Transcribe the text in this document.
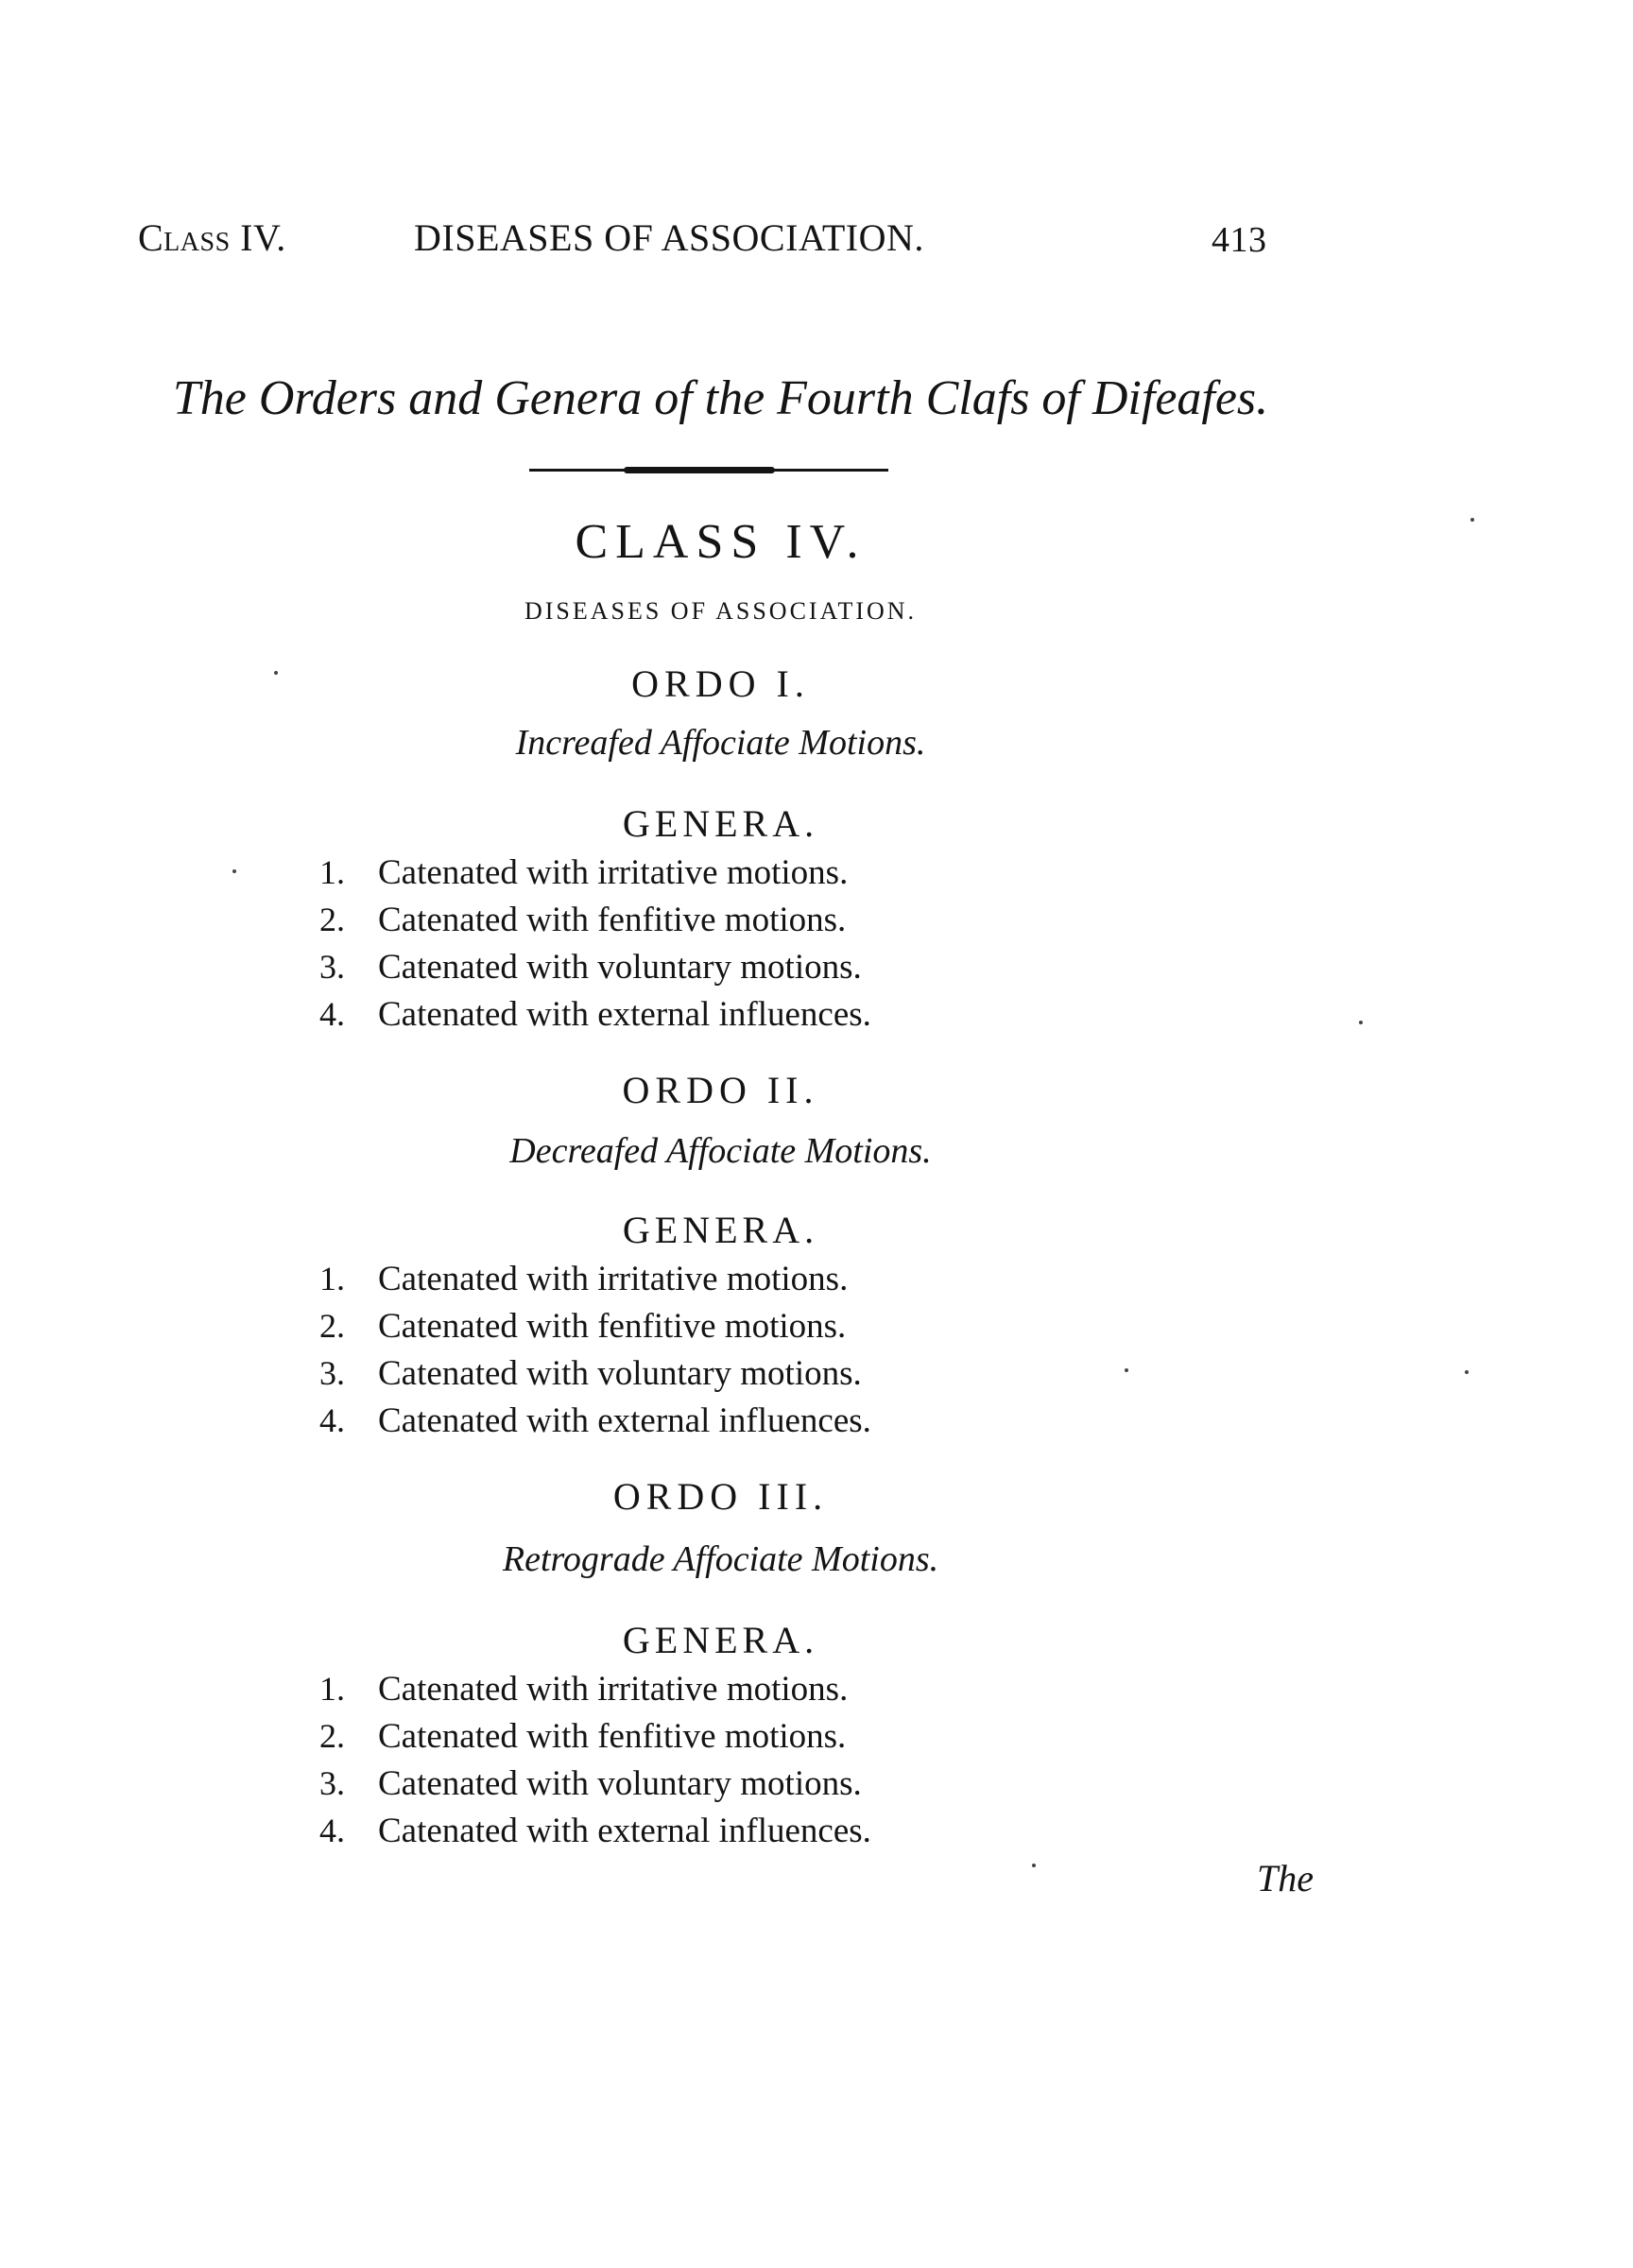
Class IV.	DISEASES OF ASSOCIATION.	413
The Orders and Genera of the Fourth Clafs of Difeafes.
CLASS IV.
DISEASES OF ASSOCIATION.
ORDO I.
Increafed Affociate Motions.
GENERA.
1. Catenated with irritative motions.
2. Catenated with fenfitive motions.
3. Catenated with voluntary motions.
4. Catenated with external influences.
ORDO II.
Decreafed Affociate Motions.
GENERA.
1. Catenated with irritative motions.
2. Catenated with fenfitive motions.
3. Catenated with voluntary motions.
4. Catenated with external influences.
ORDO III.
Retrograde Affociate Motions.
GENERA.
1. Catenated with irritative motions.
2. Catenated with fenfitive motions.
3. Catenated with voluntary motions.
4. Catenated with external influences.
The
